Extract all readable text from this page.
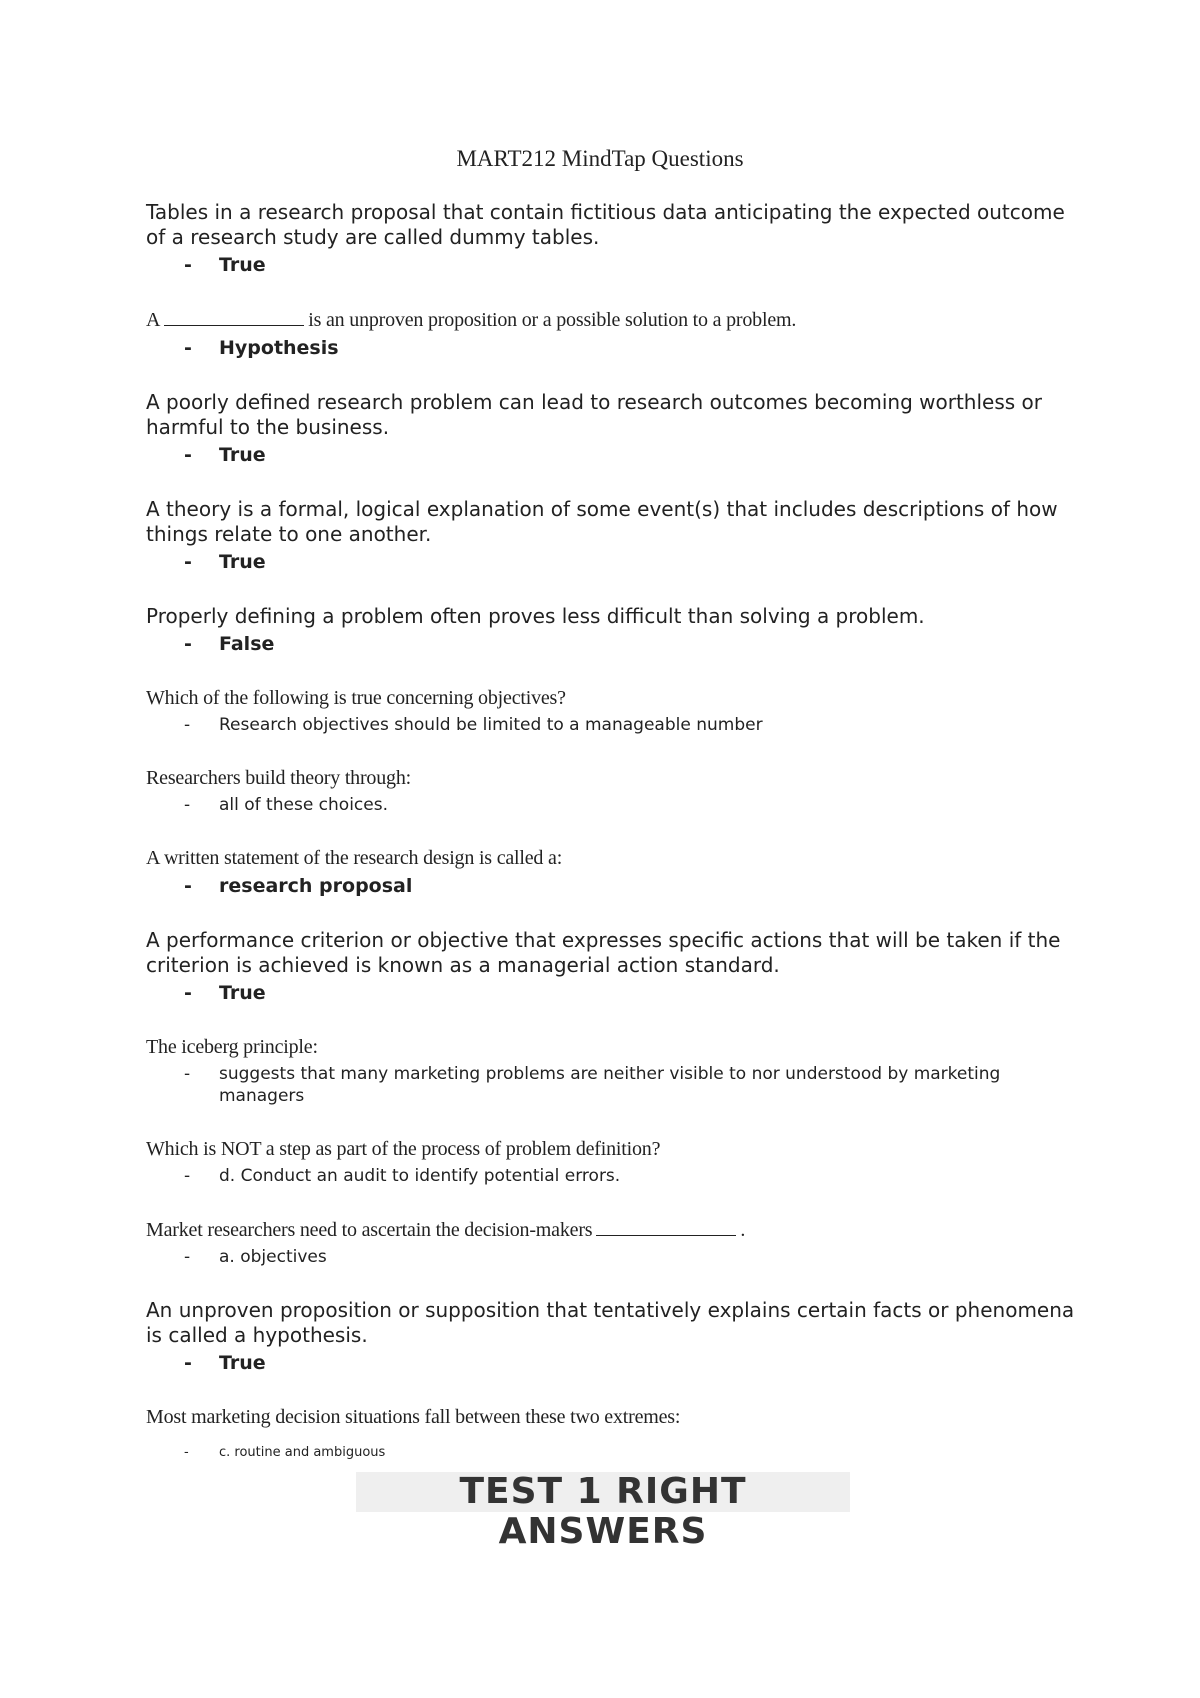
MART212 MindTap Questions

Tables in a research proposal that contain fictitious data anticipating the expected outcome of a research study are called dummy tables.

- True

A	is an unproven proposition or a possible solution to a problem.

- Hypothesis

A poorly defined research problem can lead to research outcomes becoming worthless or harmful to the business.

- True

A theory is a formal, logical explanation of some event(s) that includes descriptions of how things relate to one another.

- True

Properly defining a problem often proves less difficult than solving a problem.

- False

Which of the following is true concerning objectives?

- Research objectives should be limited to a manageable number

Researchers build theory through:

- all of these choices.

A written statement of the research design is called a:

- research proposal

A performance criterion or objective that expresses specific actions that will be taken if the criterion is achieved is known as a managerial action standard.

- True

The iceberg principle:

- suggests that many marketing problems are neither visible to nor understood by marketing managers

Which is NOT a step as part of the process of problem definition?

- d. Conduct an audit to identify potential errors.

Market researchers need to ascertain the decision-makers	.

- a. objectives

An unproven proposition or supposition that tentatively explains certain facts or phenomena is called a hypothesis.

- True

Most marketing decision situations fall between these two extremes:

- c. routine and ambiguous
TEST 1 RIGHT ANSWERS
